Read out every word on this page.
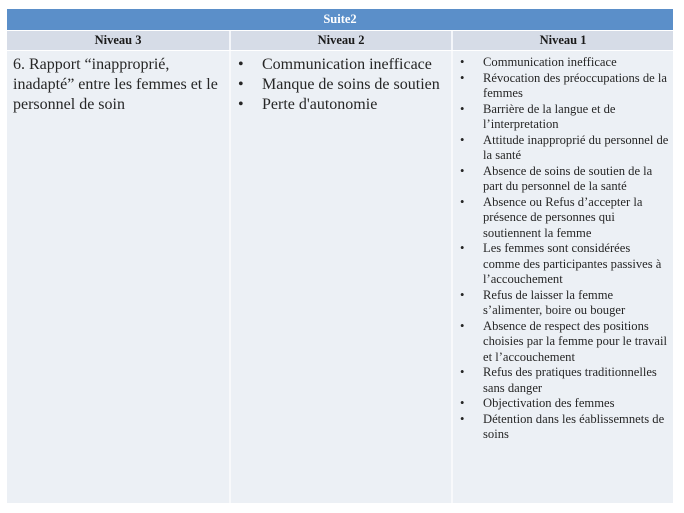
Suite2
Niveau 3	Niveau 2	Niveau 1
6. Rapport “inapproprié, inadapté” entre les femmes et le personnel de soin
• Communication inefficace
• Manque de soins de soutien
• Perte d'autonomie
• Communication inefficace
• Révocation des préoccupations de la femmes
• Barrière de la langue et de l’interpretation
• Attitude inapproprié du personnel de la santé
• Absence de soins de soutien de la part du personnel de la santé
• Absence ou Refus d’accepter la présence de personnes qui soutiennent la femme
• Les femmes sont considérées comme des participantes passives à l’accouchement
• Refus de laisser la femme s’alimenter, boire ou bouger
• Absence de respect des positions choisies par la femme pour le travail et l’accouchement
• Refus des pratiques traditionnelles sans danger
• Objectivation des femmes
• Détention dans les éablissemnets de soins
